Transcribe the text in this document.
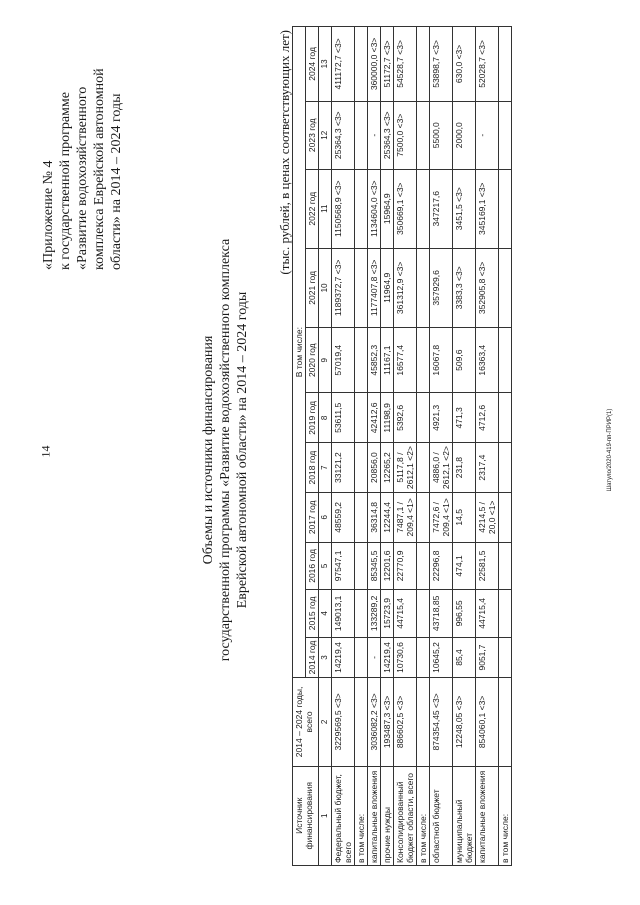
14	Шатуло/2020-419-пп-ПРИР(1)
«Приложение № 4 к государственной программе «Развитие водохозяйственного комплекса Еврейской автономной области» на 2014 – 2024 годы
Объемы и источники финансирования государственной программы «Развитие водохозяйственного комплекса Еврейской автономной области» на 2014 – 2024 годы
(тыс. рублей, в ценах соответствующих лет)
Источник финансирования	2014 – 2024 годы, всего	В том числе:										
		2014 год	2015 год	2016 год	2017 год	2018 год	2019 год	2020 год	2021 год	2022 год	2023 год	2024 год
1	2	3	4	5	6	7	8	9	10	11	12	13
Федеральный бюджет, всего	3229569,5 <3>	14219,4	149013,1	97547,1	48559,2	33121,2	53611,5	57019,4	1189372,7 <3>	1150568,9 <3>	25364,3 <3>	411172,7 <3>
в том числе:												
капитальные вложения	3036082,2 <3>	-	133289,2	85345,5	36314,8	20856,0	42412,6	45852,3	1177407,8 <3>	1134604,0 <3>	-	360000,0 <3>
прочие нужды	193487,3 <3>	14219,4	15723,9	12201,6	12244,4	12265,2	11198,9	11167,1	11964,9	15964,9	25364,3 <3>	51172,7 <3>
Консолидированный бюджет области, всего	886602,5 <3>	10730,6	44715,4	22770,9	7487,1 / 209,4 <1>	5117,8 / 2612,1 <2>	5392,6	16577,4	361312,9 <3>	350669,1 <3>	7500,0 <3>	54528,7 <3>
в том числе:												
областной бюджет	874354,45 <3>	10645,2	43718,85	22296,8	7472,6 / 209,4 <1>	4886,0 / 2612,1 <2>	4921,3	16067,8	357929,6	347217,6	5500,0	53898,7 <3>
муниципальный бюджет	12248,05 <3>	85,4	996,55	474,1	14,5	231,8	471,3	509,6	3383,3 <3>	3451,5 <3>	2000,0	630,0 <3>
капитальные вложения	854060,1 <3>	9051,7	44715,4	22581,5	4214,5 / 20,0 <1>	2317,4	4712,6	16363,4	352905,8 <3>	345169,1 <3>	-	52028,7 <3>
в том числе:												
